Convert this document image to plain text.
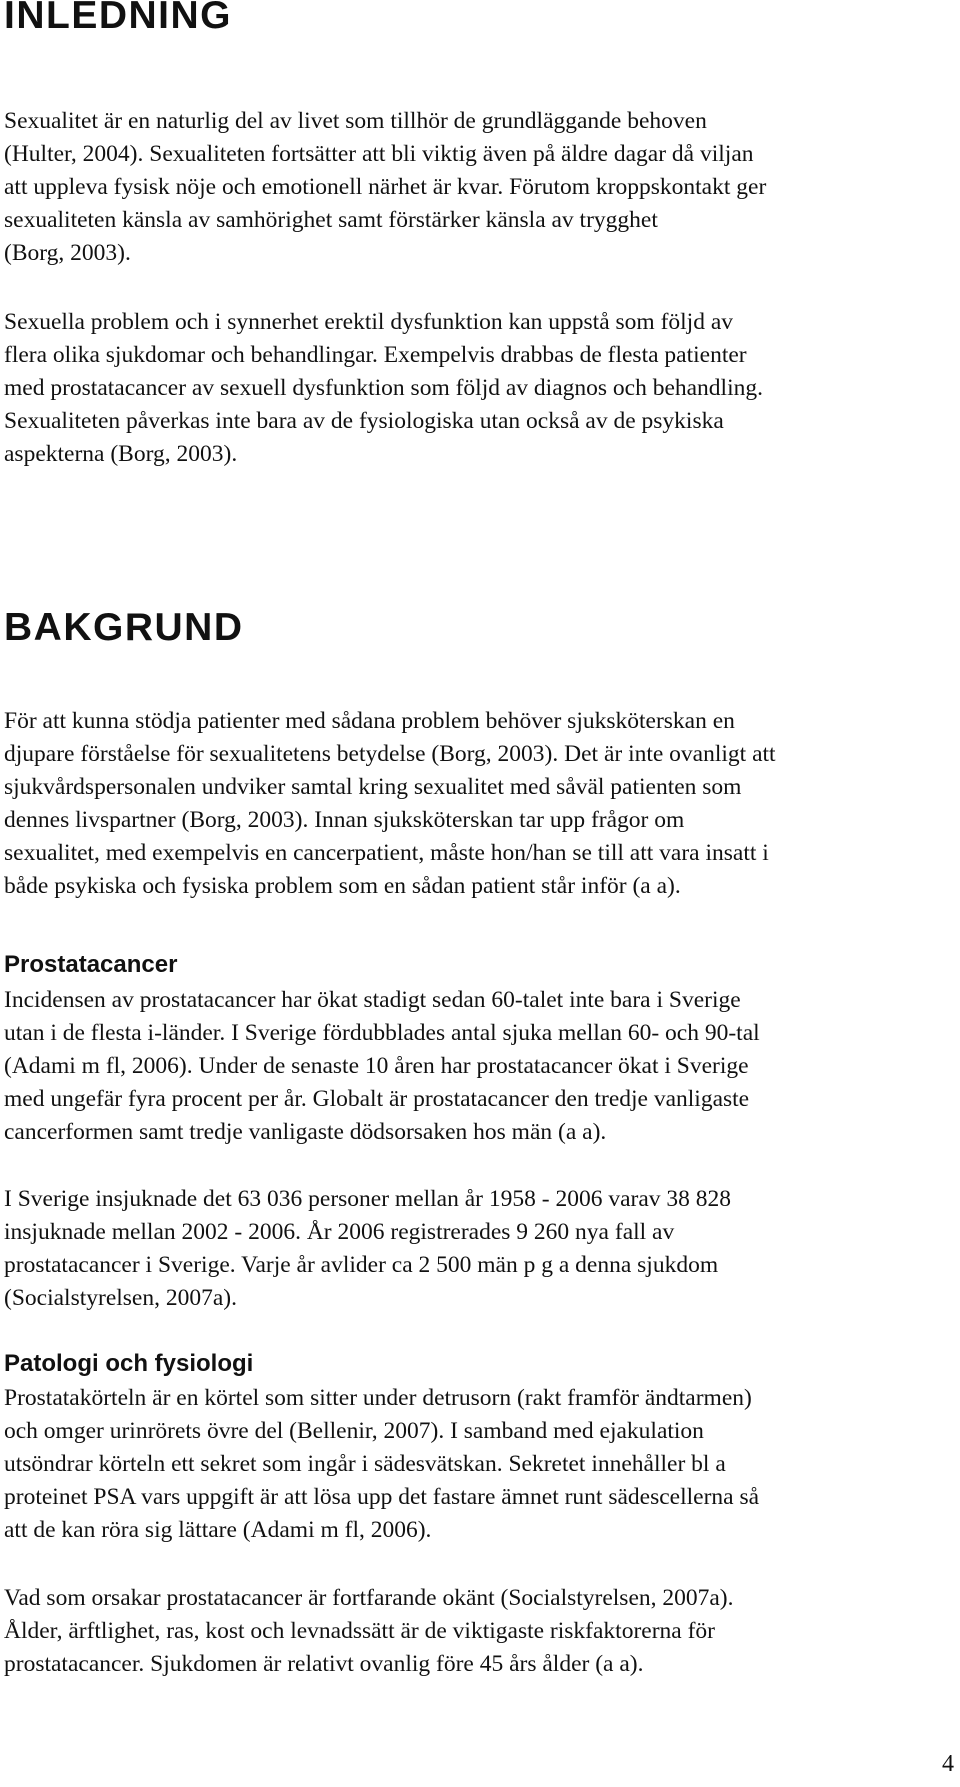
INLEDNING

Sexualitet är en naturlig del av livet som tillhör de grundläggande behoven
(Hulter, 2004). Sexualiteten fortsätter att bli viktig även på äldre dagar då viljan
att uppleva fysisk nöje och emotionell närhet är kvar. Förutom kroppskontakt ger
sexualiteten känsla av samhörighet samt förstärker känsla av trygghet
(Borg, 2003).

Sexuella problem och i synnerhet erektil dysfunktion kan uppstå som följd av
flera olika sjukdomar och behandlingar. Exempelvis drabbas de flesta patienter
med prostatacancer av sexuell dysfunktion som följd av diagnos och behandling.
Sexualiteten påverkas inte bara av de fysiologiska utan också av de psykiska
aspekterna (Borg, 2003).

BAKGRUND

För att kunna stödja patienter med sådana problem behöver sjuksköterskan en
djupare förståelse för sexualitetens betydelse (Borg, 2003). Det är inte ovanligt att
sjukvårdspersonalen undviker samtal kring sexualitet med såväl patienten som
dennes livspartner (Borg, 2003). Innan sjuksköterskan tar upp frågor om
sexualitet, med exempelvis en cancerpatient, måste hon/han se till att vara insatt i
både psykiska och fysiska problem som en sådan patient står inför (a a).

Prostatacancer

Incidensen av prostatacancer har ökat stadigt sedan 60-talet inte bara i Sverige
utan i de flesta i-länder. I Sverige fördubblades antal sjuka mellan 60- och 90-tal
(Adami m fl, 2006). Under de senaste 10 åren har prostatacancer ökat i Sverige
med ungefär fyra procent per år. Globalt är prostatacancer den tredje vanligaste
cancerformen samt tredje vanligaste dödsorsaken hos män (a a).

I Sverige insjuknade det 63 036 personer mellan år 1958 - 2006 varav 38 828
insjuknade mellan 2002 - 2006. År 2006 registrerades 9 260 nya fall av
prostatacancer i Sverige. Varje år avlider ca 2 500 män p g a denna sjukdom
(Socialstyrelsen, 2007a).

Patologi och fysiologi

Prostatakörteln är en körtel som sitter under detrusorn (rakt framför ändtarmen)
och omger urinrörets övre del (Bellenir, 2007). I samband med ejakulation
utsöndrar körteln ett sekret som ingår i sädesvätskan. Sekretet innehåller bl a
proteinet PSA vars uppgift är att lösa upp det fastare ämnet runt sädescellerna så
att de kan röra sig lättare (Adami m fl, 2006).

Vad som orsakar prostatacancer är fortfarande okänt (Socialstyrelsen, 2007a).
Ålder, ärftlighet, ras, kost och levnadssätt är de viktigaste riskfaktorerna för
prostatacancer. Sjukdomen är relativt ovanlig före 45 års ålder (a a).

4
